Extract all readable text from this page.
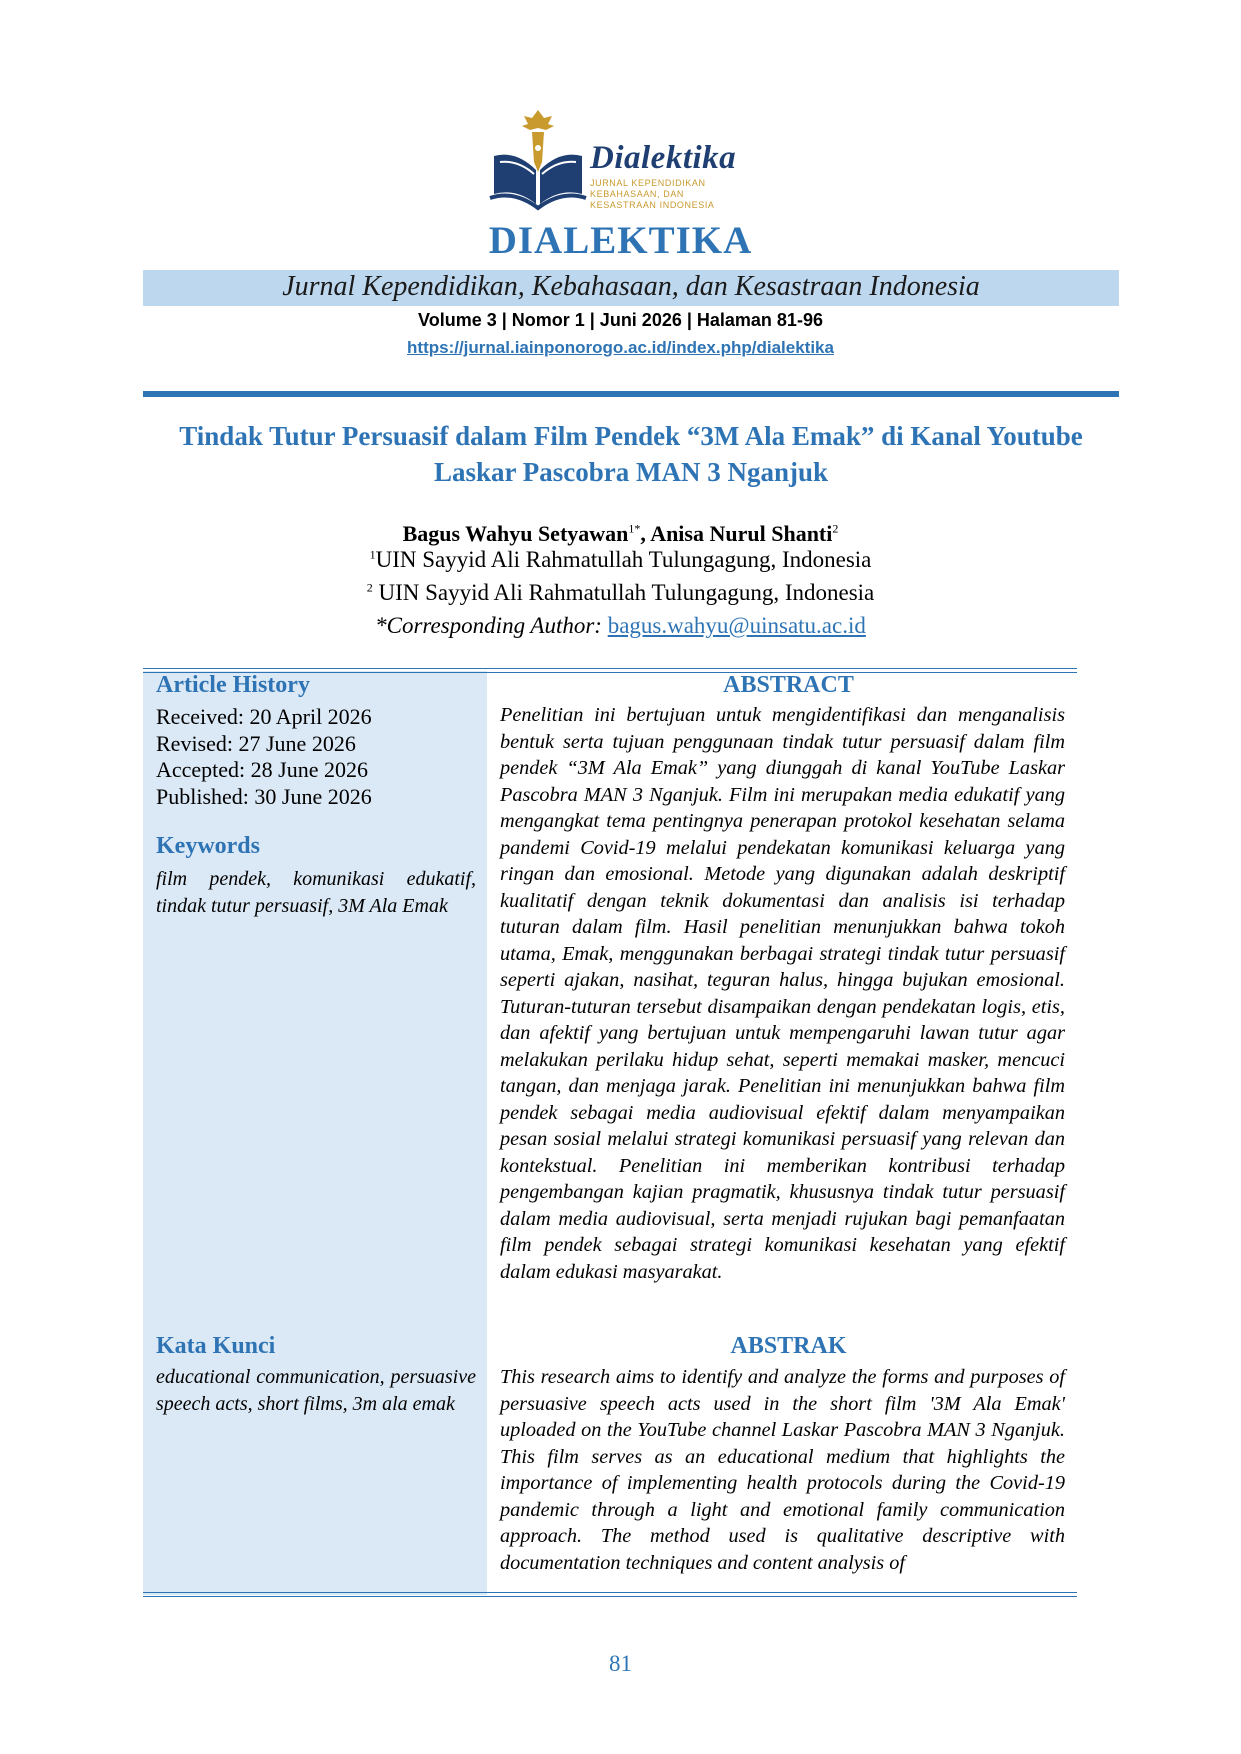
Dialektika
JURNAL KEPENDIDIKAN
KEBAHASAAN, DAN
KESASTRAAN INDONESIA
DIALEKTIKA
Jurnal Kependidikan, Kebahasaan, dan Kesastraan Indonesia
Volume 3 | Nomor 1 | Juni 2026 | Halaman 81-96
https://jurnal.iainponorogo.ac.id/index.php/dialektika
Tindak Tutur Persuasif dalam Film Pendek “3M Ala Emak” di Kanal Youtube Laskar Pascobra MAN 3 Nganjuk
Bagus Wahyu Setyawan$^{1*}$, Anisa Nurul Shanti$^2$
$^1$UIN Sayyid Ali Rahmatullah Tulungagung, Indonesia
$^2$ UIN Sayyid Ali Rahmatullah Tulungagung, Indonesia
*Corresponding Author: bagus.wahyu@uinsatu.ac.id
Article History
Received: 20 April 2026
Revised: 27 June 2026
Accepted: 28 June 2026
Published: 30 June 2026
Keywords
film pendek, komunikasi edukatif, tindak tutur persuasif, 3M Ala Emak
Kata Kunci
educational communication, persuasive speech acts, short films, 3m ala emak
ABSTRACT
Penelitian ini bertujuan untuk mengidentifikasi dan menganalisis bentuk serta tujuan penggunaan tindak tutur persuasif dalam film pendek “3M Ala Emak” yang diunggah di kanal YouTube Laskar Pascobra MAN 3 Nganjuk. Film ini merupakan media edukatif yang mengangkat tema pentingnya penerapan protokol kesehatan selama pandemi Covid-19 melalui pendekatan komunikasi keluarga yang ringan dan emosional. Metode yang digunakan adalah deskriptif kualitatif dengan teknik dokumentasi dan analisis isi terhadap tuturan dalam film. Hasil penelitian menunjukkan bahwa tokoh utama, Emak, menggunakan berbagai strategi tindak tutur persuasif seperti ajakan, nasihat, teguran halus, hingga bujukan emosional. Tuturan-tuturan tersebut disampaikan dengan pendekatan logis, etis, dan afektif yang bertujuan untuk mempengaruhi lawan tutur agar melakukan perilaku hidup sehat, seperti memakai masker, mencuci tangan, dan menjaga jarak. Penelitian ini menunjukkan bahwa film pendek sebagai media audiovisual efektif dalam menyampaikan pesan sosial melalui strategi komunikasi persuasif yang relevan dan kontekstual. Penelitian ini memberikan kontribusi terhadap pengembangan kajian pragmatik, khususnya tindak tutur persuasif dalam media audiovisual, serta menjadi rujukan bagi pemanfaatan film pendek sebagai strategi komunikasi kesehatan yang efektif dalam edukasi masyarakat.
ABSTRAK
This research aims to identify and analyze the forms and purposes of persuasive speech acts used in the short film '3M Ala Emak' uploaded on the YouTube channel Laskar Pascobra MAN 3 Nganjuk. This film serves as an educational medium that highlights the importance of implementing health protocols during the Covid-19 pandemic through a light and emotional family communication approach. The method used is qualitative descriptive with documentation techniques and content analysis of
81
